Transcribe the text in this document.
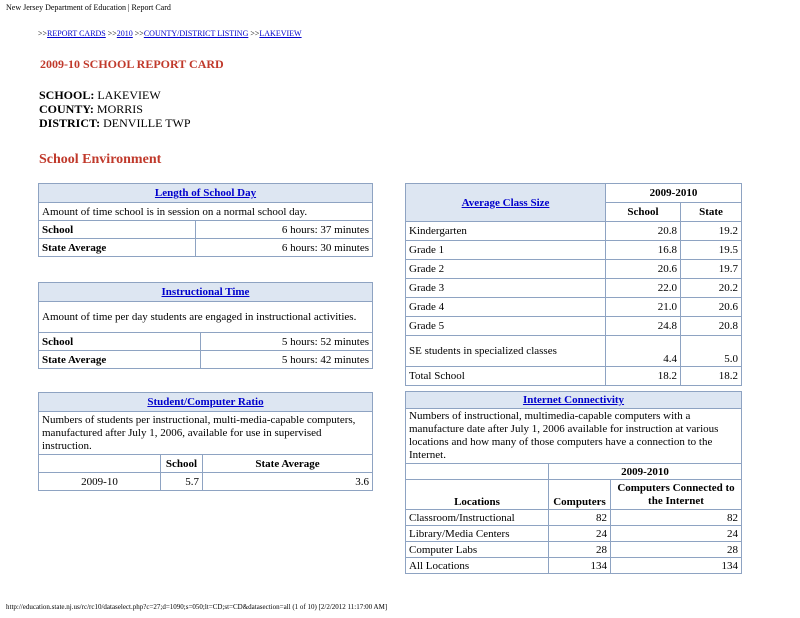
New Jersey Department of Education | Report Card
>>REPORT CARDS >>2010 >>COUNTY/DISTRICT LISTING >>LAKEVIEW
2009-10 SCHOOL REPORT CARD
SCHOOL: LAKEVIEW
COUNTY: MORRIS
DISTRICT: DENVILLE TWP
School Environment
Length of School Day	
Amount of time school is in session on a normal school day.	
School	6 hours: 37 minutes
State Average	6 hours: 30 minutes
Instructional Time	
Amount of time per day students are engaged in instructional activities.	
School	5 hours: 52 minutes
State Average	5 hours: 42 minutes
Student/Computer Ratio		
Numbers of students per instructional, multi-media-capable computers, manufactured after July 1, 2006, available for use in supervised instruction.		
	School	State Average
2009-10	5.7	3.6
Average Class Size	2009-2010	
	School	State
Kindergarten	20.8	19.2
Grade 1	16.8	19.5
Grade 2	20.6	19.7
Grade 3	22.0	20.2
Grade 4	21.0	20.6
Grade 5	24.8	20.8
SE students in specialized classes	4.4	5.0
Total School	18.2	18.2
Internet Connectivity		
Numbers of instructional, multimedia-capable computers with a manufacture date after July 1, 2006 available for instruction at various locations and how many of those computers have a connection to the Internet.		
	2009-2010	
Locations	Computers	Computers Connected to the Internet
Classroom/Instructional	82	82
Library/Media Centers	24	24
Computer Labs	28	28
All Locations	134	134
http://education.state.nj.us/rc/rc10/dataselect.php?c=27;d=1090;s=050;lt=CD;st=CD&datasection=all (1 of 10) [2/2/2012 11:17:00 AM]
